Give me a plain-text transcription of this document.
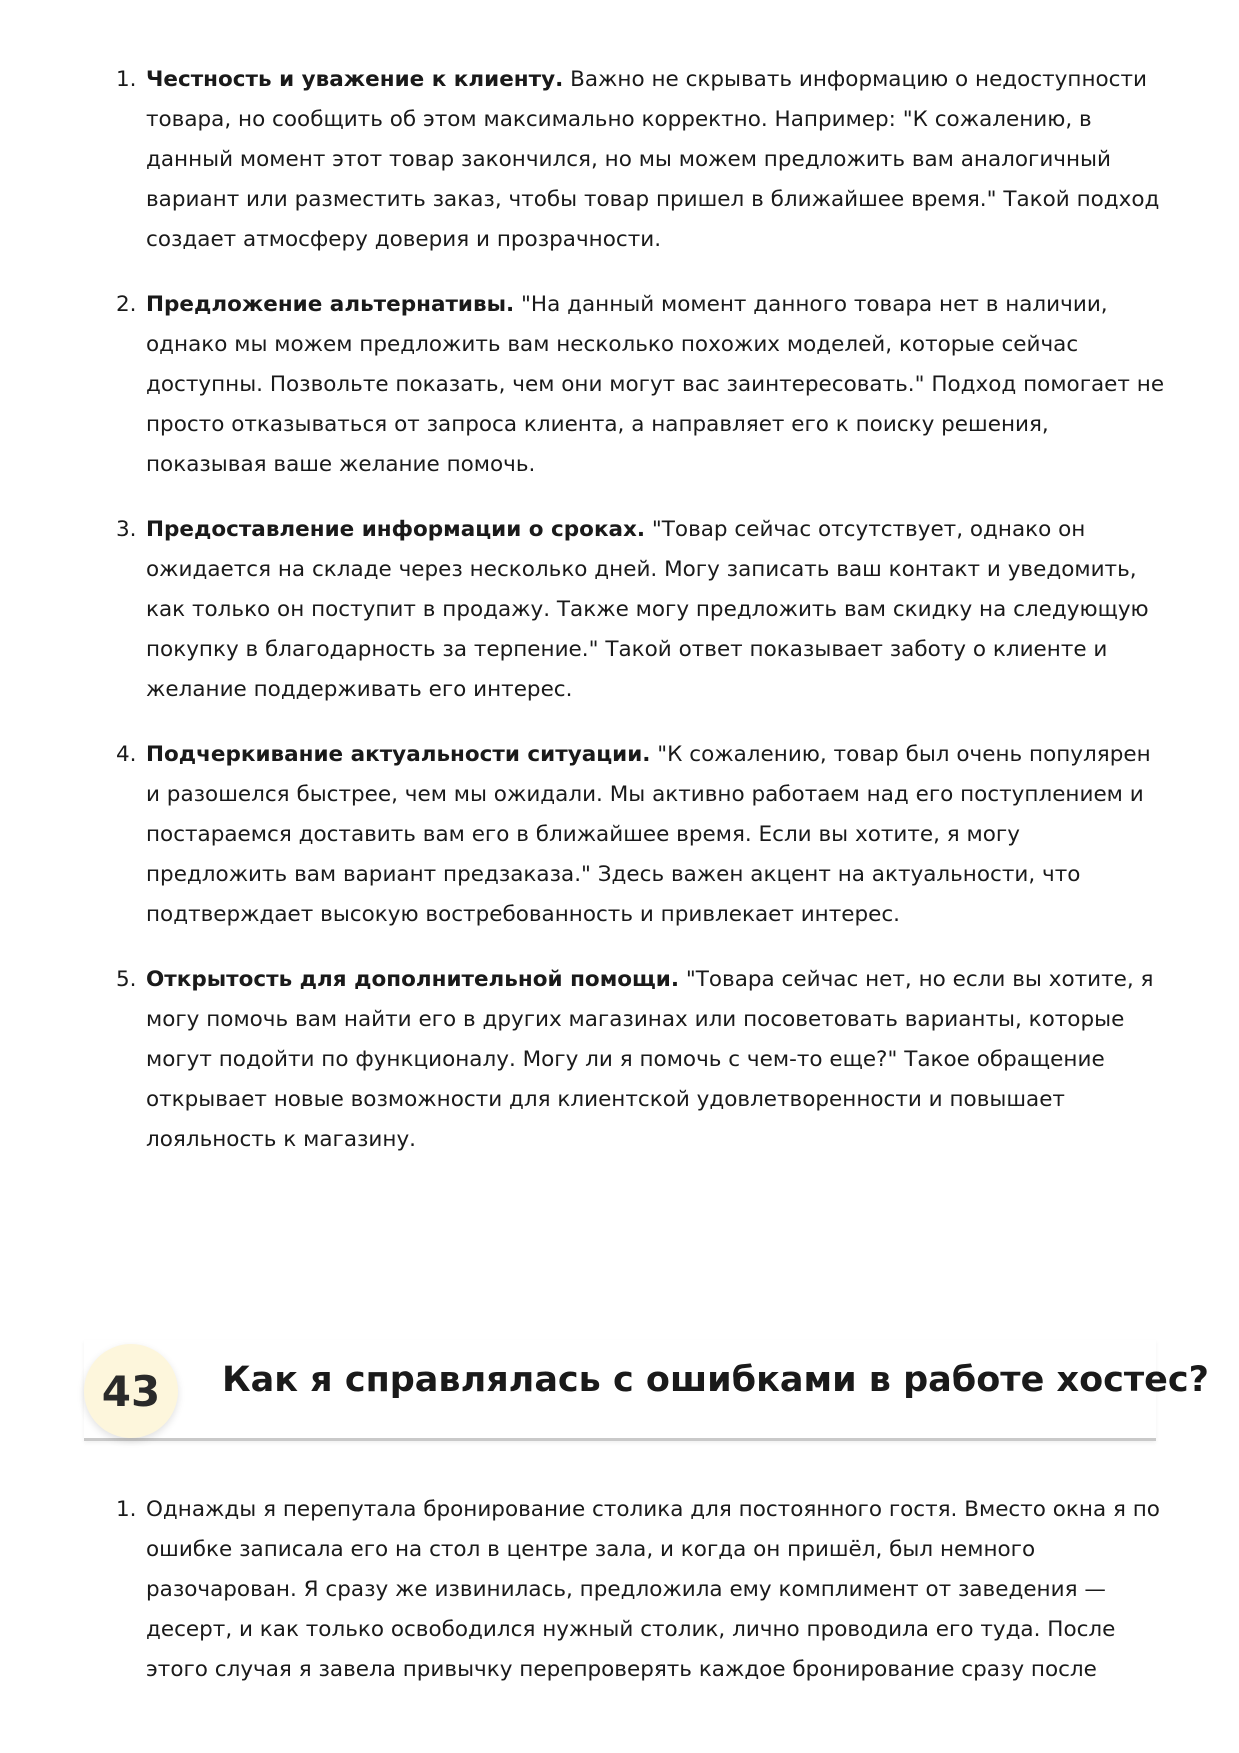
1. Честность и уважение к клиенту. Важно не скрывать информацию о недоступности товара, но сообщить об этом максимально корректно. Например: "К сожалению, в данный момент этот товар закончился, но мы можем предложить вам аналогичный вариант или разместить заказ, чтобы товар пришел в ближайшее время." Такой подход создает атмосферу доверия и прозрачности.
2. Предложение альтернативы. "На данный момент данного товара нет в наличии, однако мы можем предложить вам несколько похожих моделей, которые сейчас доступны. Позвольте показать, чем они могут вас заинтересовать." Подход помогает не просто отказываться от запроса клиента, а направляет его к поиску решения, показывая ваше желание помочь.
3. Предоставление информации о сроках. "Товар сейчас отсутствует, однако он ожидается на складе через несколько дней. Могу записать ваш контакт и уведомить, как только он поступит в продажу. Также могу предложить вам скидку на следующую покупку в благодарность за терпение." Такой ответ показывает заботу о клиенте и желание поддерживать его интерес.
4. Подчеркивание актуальности ситуации. "К сожалению, товар был очень популярен и разошелся быстрее, чем мы ожидали. Мы активно работаем над его поступлением и постараемся доставить вам его в ближайшее время. Если вы хотите, я могу предложить вам вариант предзаказа." Здесь важен акцент на актуальности, что подтверждает высокую востребованность и привлекает интерес.
5. Открытость для дополнительной помощи. "Товара сейчас нет, но если вы хотите, я могу помочь вам найти его в других магазинах или посоветовать варианты, которые могут подойти по функционалу. Могу ли я помочь с чем-то еще?" Такое обращение открывает новые возможности для клиентской удовлетворенности и повышает лояльность к магазину.
43	Как я справлялась с ошибками в работе хостес?
1. Однажды я перепутала бронирование столика для постоянного гостя. Вместо окна я по ошибке записала его на стол в центре зала, и когда он пришёл, был немного разочарован. Я сразу же извинилась, предложила ему комплимент от заведения — десерт, и как только освободился нужный столик, лично проводила его туда. После этого случая я завела привычку перепроверять каждое бронирование сразу после
